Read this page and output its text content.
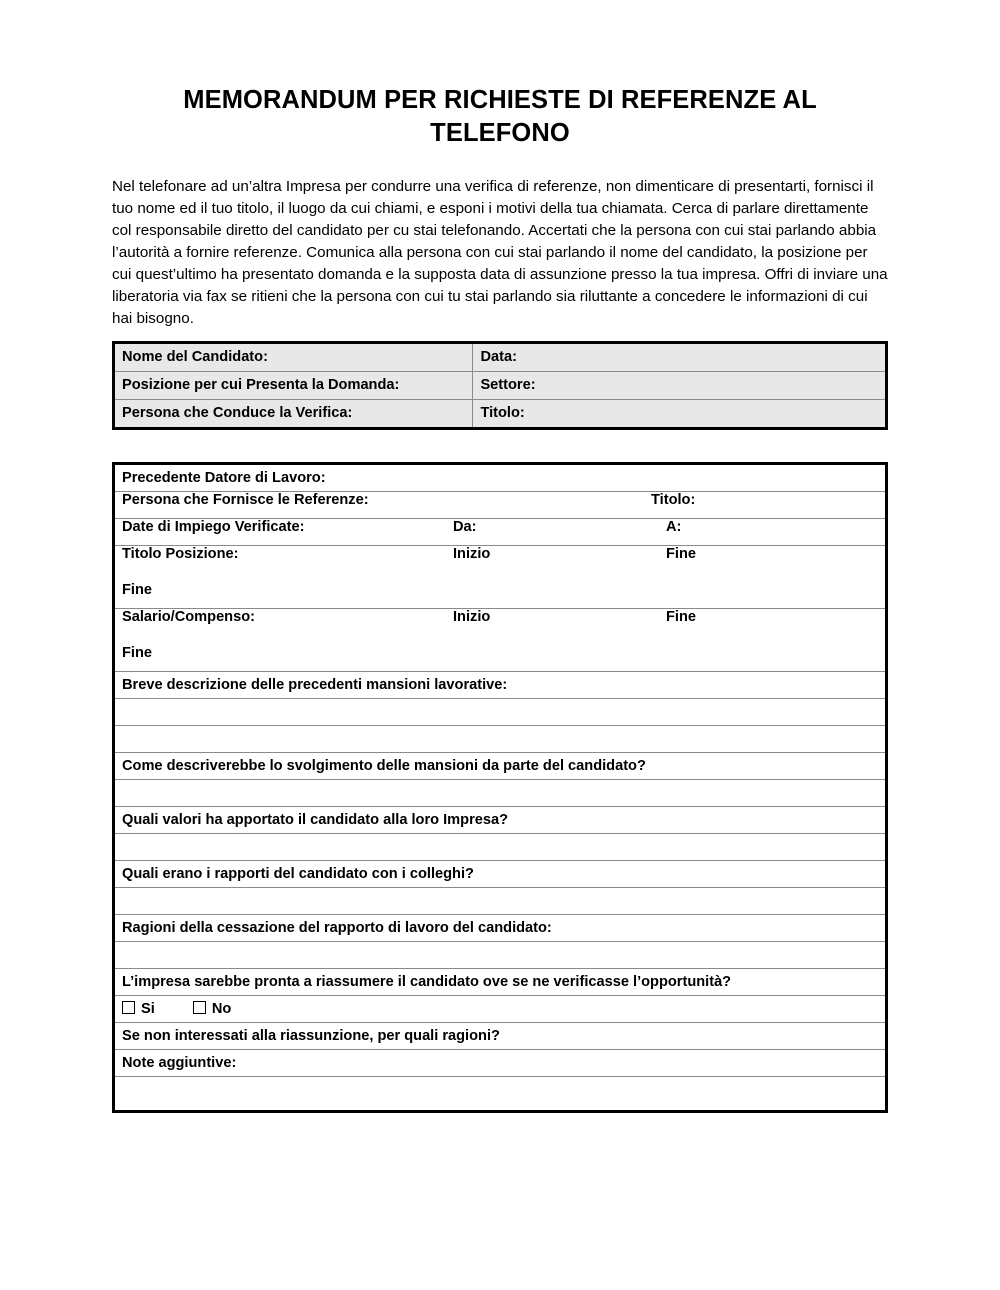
MEMORANDUM PER RICHIESTE DI REFERENZE AL TELEFONO

Nel telefonare ad un’altra Impresa per condurre una verifica di referenze, non dimenticare di presentarti, fornisci il tuo nome ed il tuo titolo, il luogo da cui chiami, e esponi i motivi della tua chiamata. Cerca di parlare direttamente col responsabile diretto del candidato per cu stai telefonando. Accertati che la persona con cui stai parlando abbia l’autorità a fornire referenze. Comunica alla persona con cui stai parlando il nome del candidato, la posizione per cui quest’ultimo ha presentato domanda e la supposta data di assunzione presso la tua impresa. Offri di inviare una liberatoria via fax se ritieni che la persona con cui tu stai parlando sia riluttante a concedere le informazioni di cui hai bisogno.

Nome del Candidato:	Data:

Posizione per cui Presenta la Domanda:	Settore:

Persona che Conduce la Verifica:	Titolo:
Precedente Datore di Lavoro:

Persona che Fornisce le Referenze:	Titolo:

Date di Impiego Verificate:	Da:	A:

Titolo Posizione:	Inizio	Fine
Fine

Salario/Compenso:	Inizio	Fine
Fine

Breve descrizione delle precedenti mansioni lavorative:

Come descriverebbe lo svolgimento delle mansioni da parte del candidato?

Quali valori ha apportato il candidato alla loro Impresa?

Quali erano i rapporti del candidato con i colleghi?

Ragioni della cessazione del rapporto di lavoro del candidato:

L’impresa sarebbe pronta a riassumere il candidato ove se ne verificasse l’opportunità?

Si	No

Se non interessati alla riassunzione, per quali ragioni?

Note aggiuntive:
